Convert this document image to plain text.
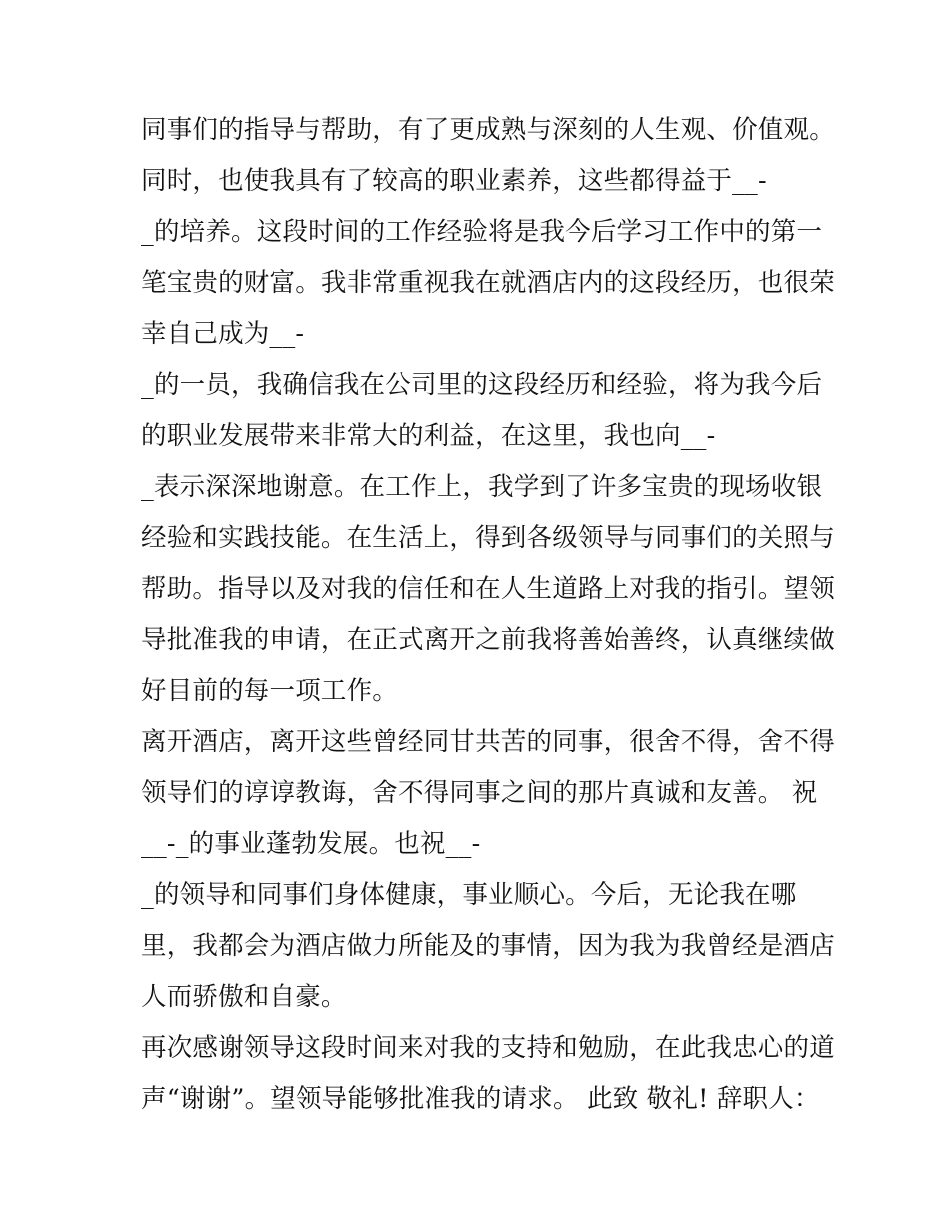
同事们的指导与帮助，有了更成熟与深刻的人生观、价值观。
同时，也使我具有了较高的职业素养，这些都得益于__-
_的培养。这段时间的工作经验将是我今后学习工作中的第一
笔宝贵的财富。我非常重视我在就酒店内的这段经历，也很荣
幸自己成为__-
_的一员，我确信我在公司里的这段经历和经验，将为我今后
的职业发展带来非常大的利益，在这里，我也向__-
_表示深深地谢意。在工作上，我学到了许多宝贵的现场收银
经验和实践技能。在生活上，得到各级领导与同事们的关照与
帮助。指导以及对我的信任和在人生道路上对我的指引。望领
导批准我的申请，在正式离开之前我将善始善终，认真继续做
好目前的每一项工作。
离开酒店，离开这些曾经同甘共苦的同事，很舍不得，舍不得
领导们的谆谆教诲，舍不得同事之间的那片真诚和友善。 祝
__-_的事业蓬勃发展。也祝__-
_的领导和同事们身体健康，事业顺心。今后，无论我在哪
里，我都会为酒店做力所能及的事情，因为我为我曾经是酒店
人而骄傲和自豪。
再次感谢领导这段时间来对我的支持和勉励，在此我忠心的道
声“谢谢”。望领导能够批准我的请求。 此致 敬礼! 辞职人：
